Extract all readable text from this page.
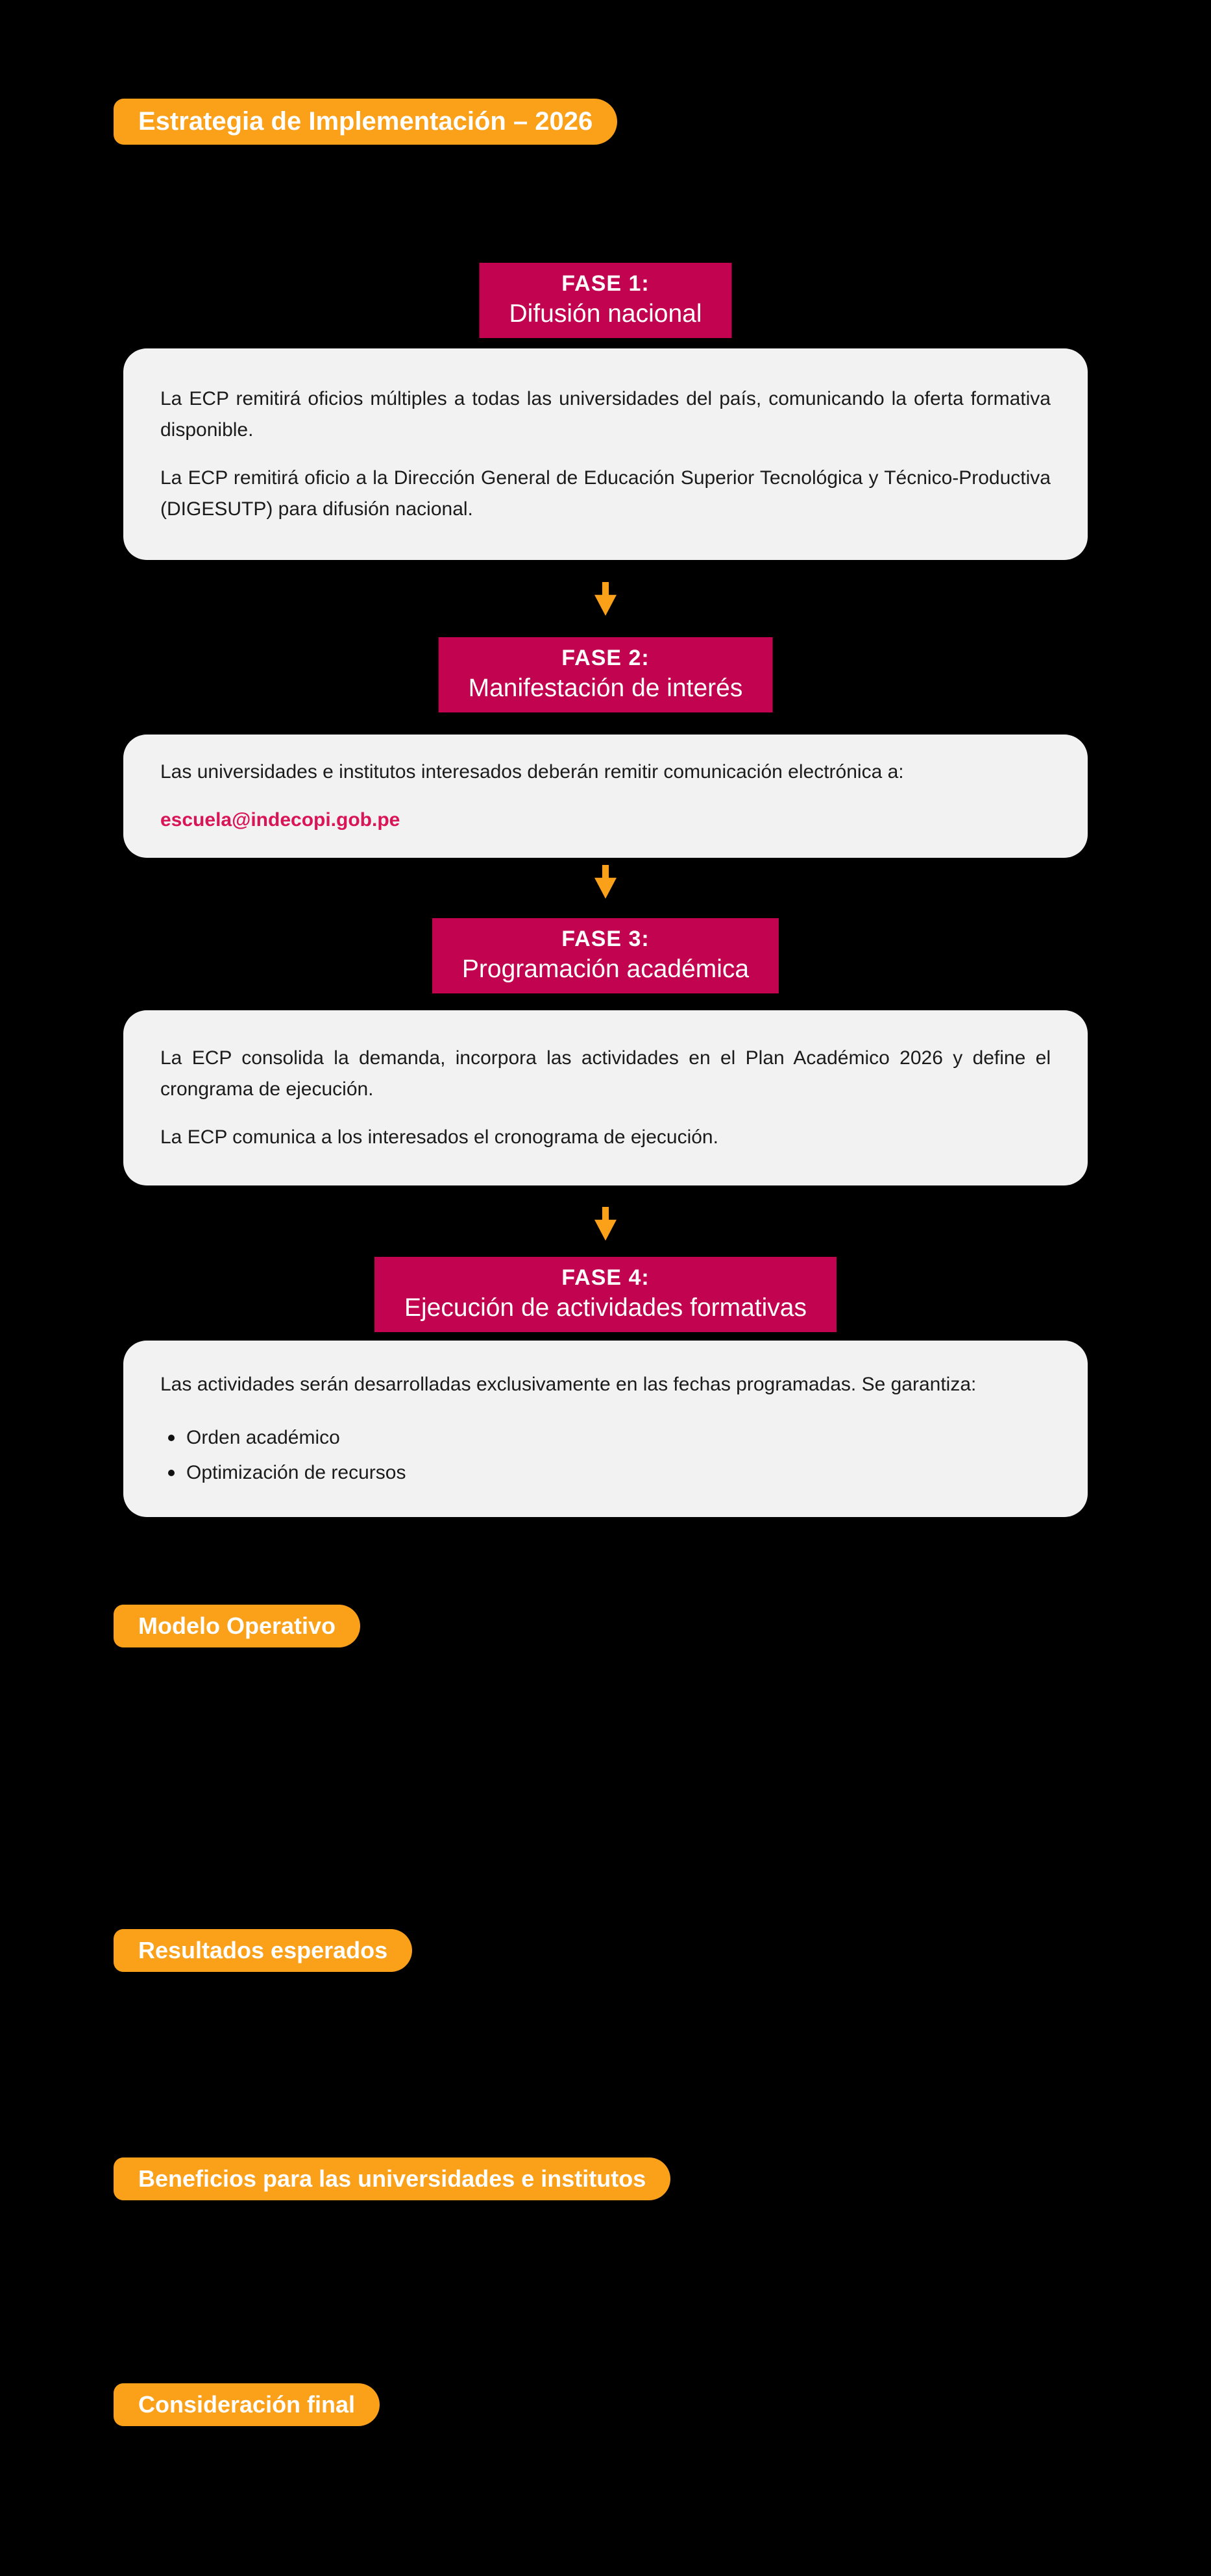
Estrategia de Implementación – 2026
FASE 1:
Difusión nacional

La ECP remitirá oficios múltiples a todas las universidades del país, comunicando la oferta formativa disponible.

La ECP remitirá oficio a la Dirección General de Educación Superior Tecnológica y Técnico-Productiva (DIGESUTP) para difusión nacional.

FASE 2:
Manifestación de interés

Las universidades e institutos interesados deberán remitir comunicación electrónica a:

escuela@indecopi.gob.pe

FASE 3:
Programación académica

La ECP consolida la demanda, incorpora las actividades en el Plan Académico 2026 y define el crongrama de ejecución.

La ECP comunica a los interesados el cronograma de ejecución.

FASE 4:
Ejecución de actividades formativas

Las actividades serán desarrolladas exclusivamente en las fechas programadas. Se garantiza:

Orden académico
Optimización de recursos
Modelo Operativo
Resultados esperados
Beneficios para las universidades e institutos
Consideración final
